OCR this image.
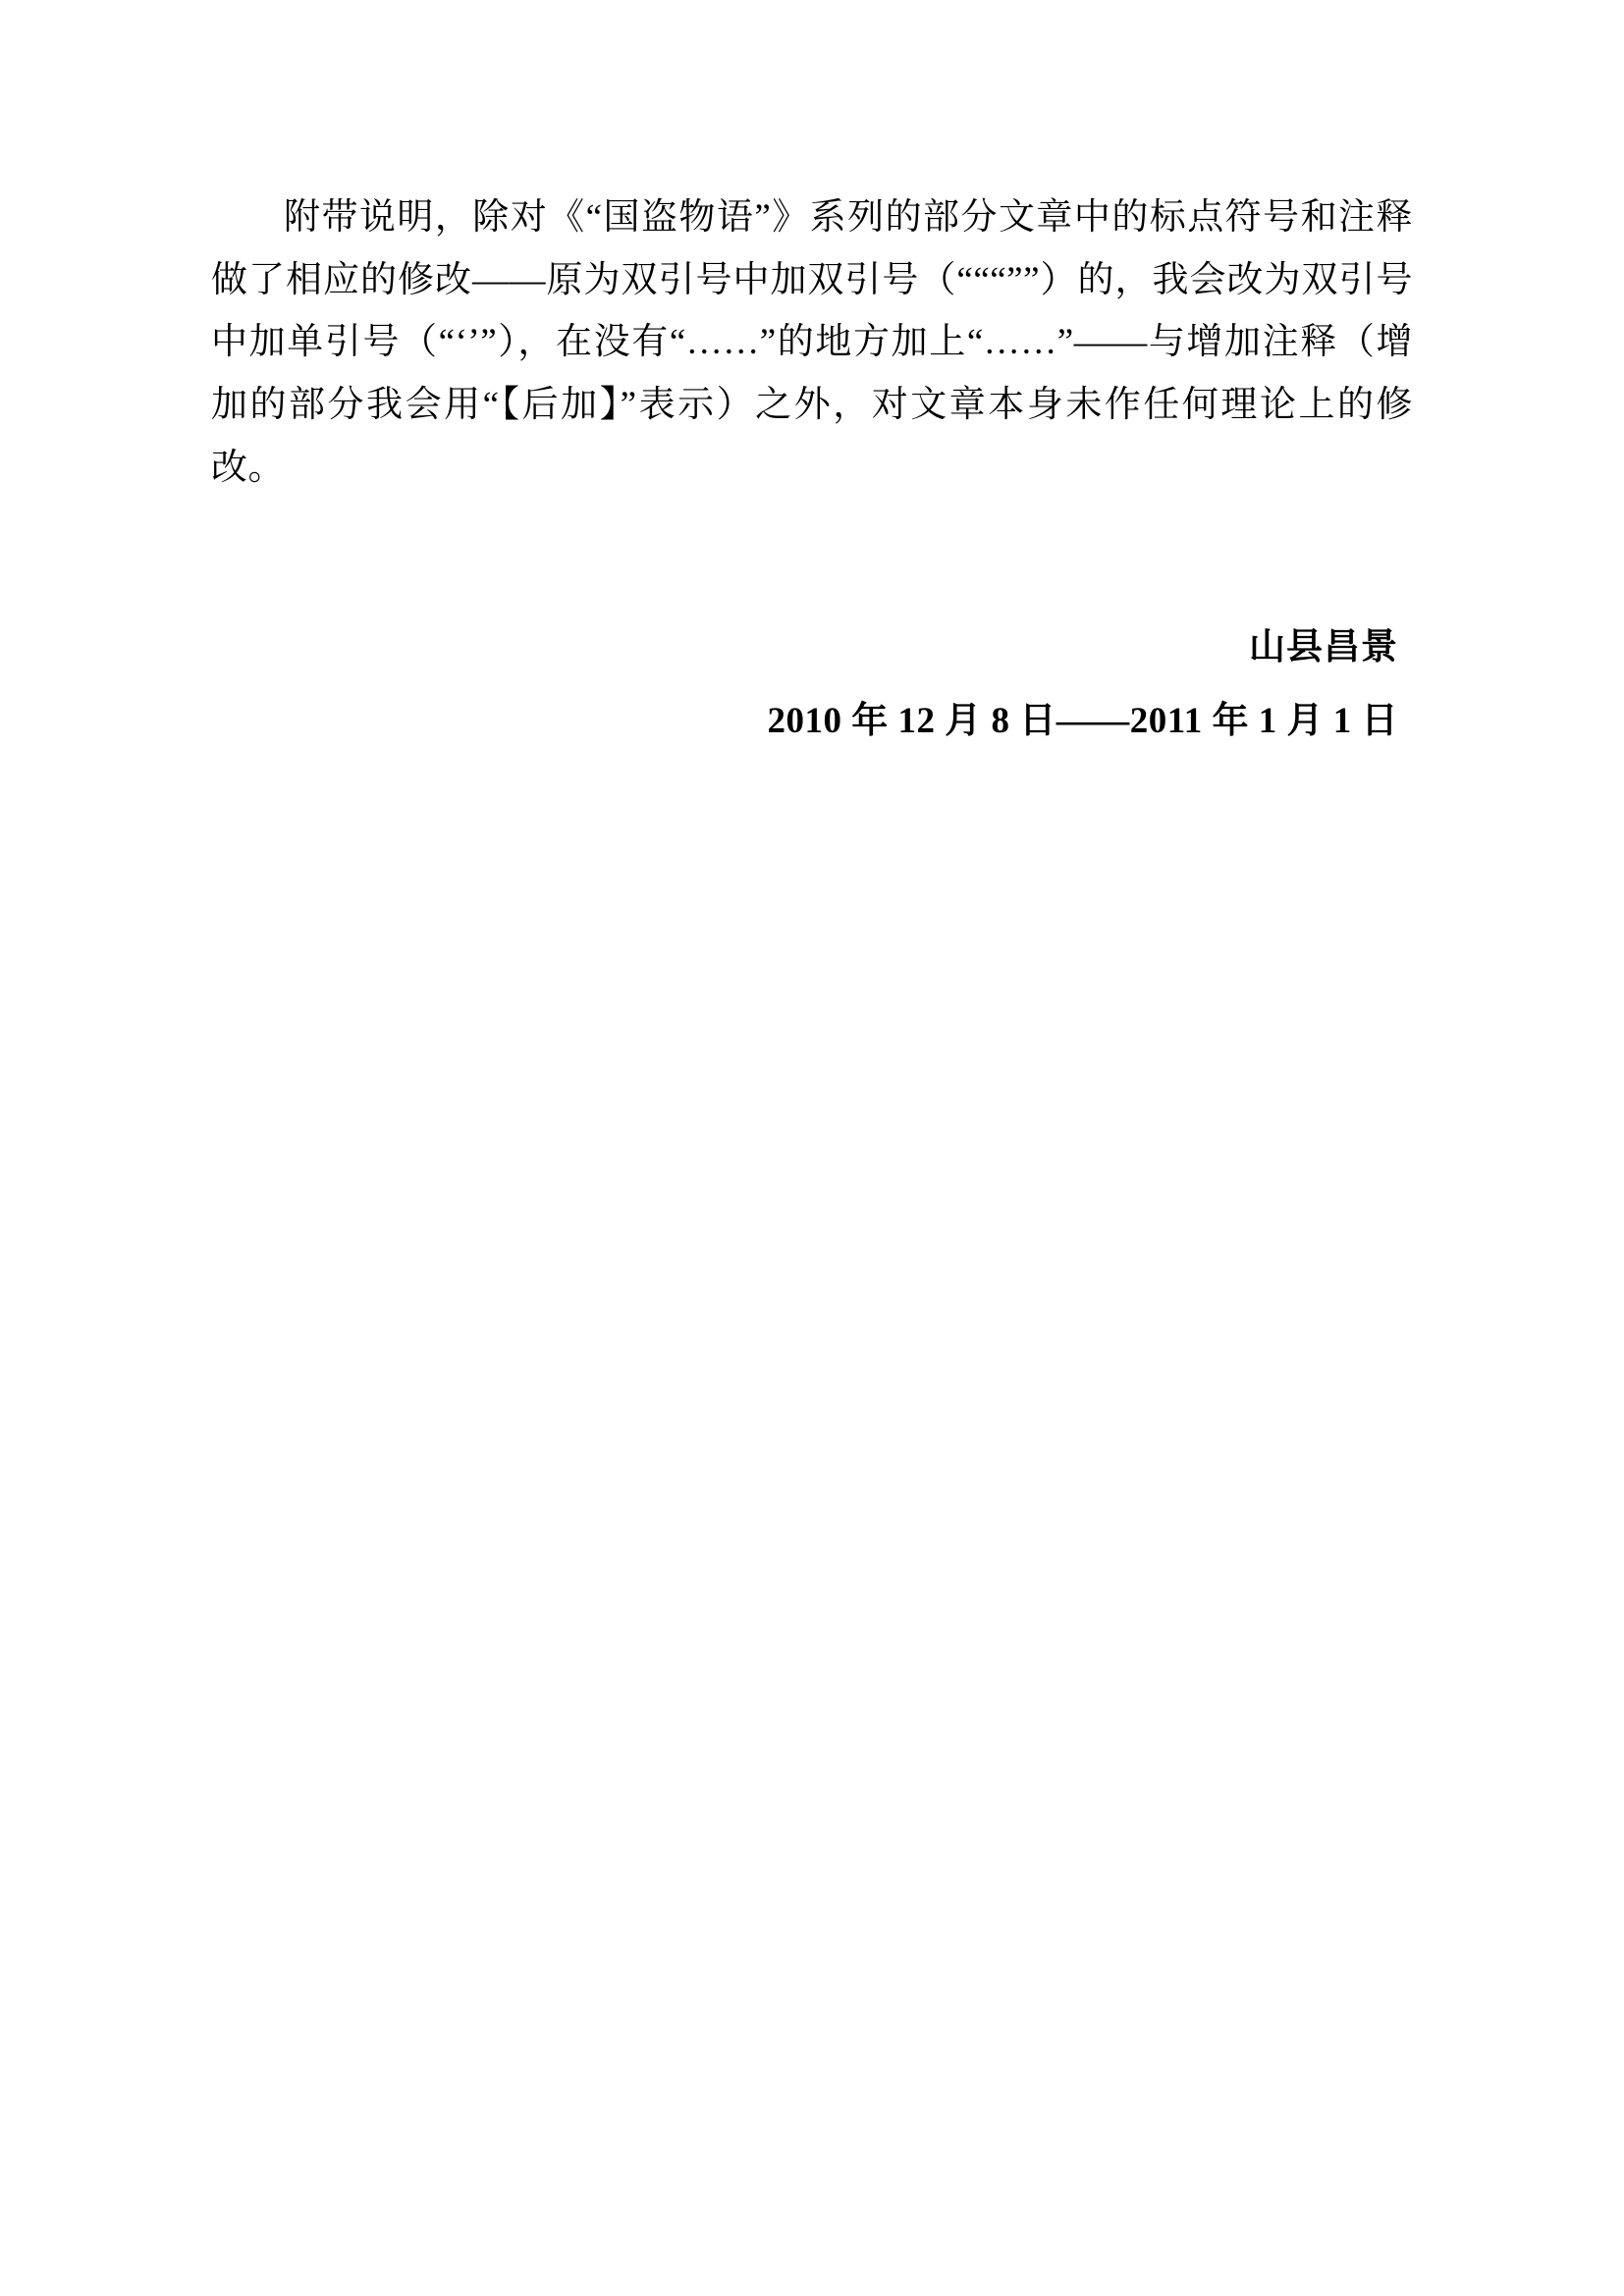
附带说明，除对《“国盗物语”》系列的部分文章中的标点符号和注释做了相应的修改——原为双引号中加双引号（“““””）的，我会改为双引号中加单引号（“‘’”），在没有“……”的地方加上“……”——与增加注释（增加的部分我会用“【后加】”表示）之外，对文章本身未作任何理论上的修改。

山县昌景
2010 年 12 月 8 日——2011 年 1 月 1 日
